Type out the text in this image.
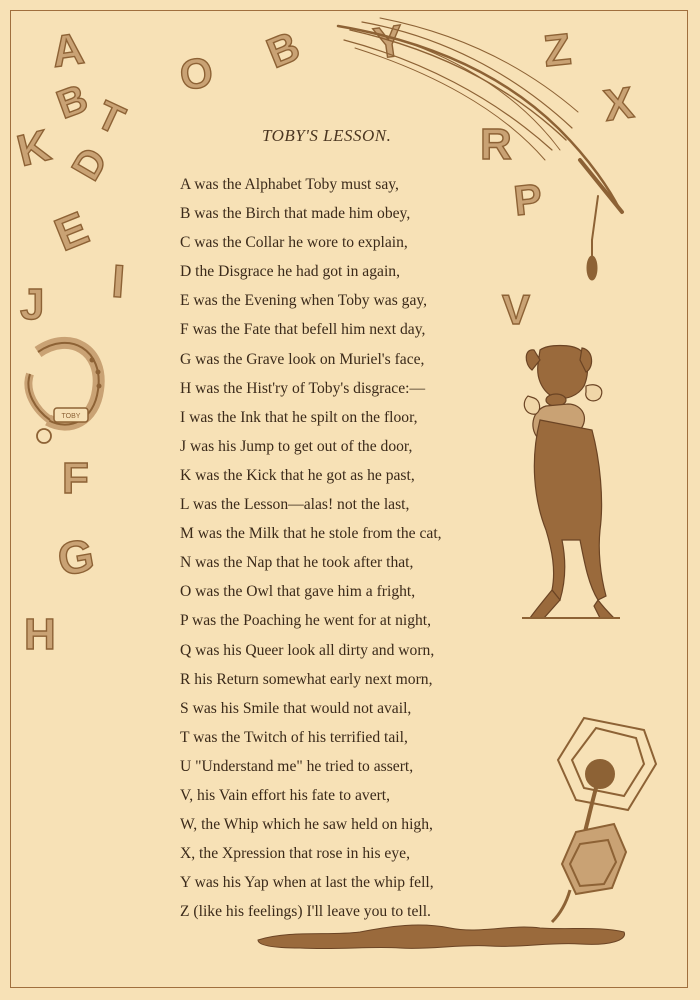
A
B
T
K D
E
I
J
O B Y	Z
X
R
P
V
F
G
H
TOBY
TOBY'S LESSON.
A was the Alphabet Toby must say,
B was the Birch that made him obey,
C was the Collar he wore to explain,
D the Disgrace he had got in again,
E was the Evening when Toby was gay,
F was the Fate that befell him next day,
G was the Grave look on Muriel's face,
H was the Hist'ry of Toby's disgrace:—
I was the Ink that he spilt on the floor,
J was his Jump to get out of the door,
K was the Kick that he got as he past,
L was the Lesson—alas! not the last,
M was the Milk that he stole from the cat,
N was the Nap that he took after that,
O was the Owl that gave him a fright,
P was the Poaching he went for at night,
Q was his Queer look all dirty and worn,
R his Return somewhat early next morn,
S was his Smile that would not avail,
T was the Twitch of his terrified tail,
U "Understand me" he tried to assert,
V, his Vain effort his fate to avert,
W, the Whip which he saw held on high,
X, the Xpression that rose in his eye,
Y was his Yap when at last the whip fell,
Z (like his feelings) I'll leave you to tell.
